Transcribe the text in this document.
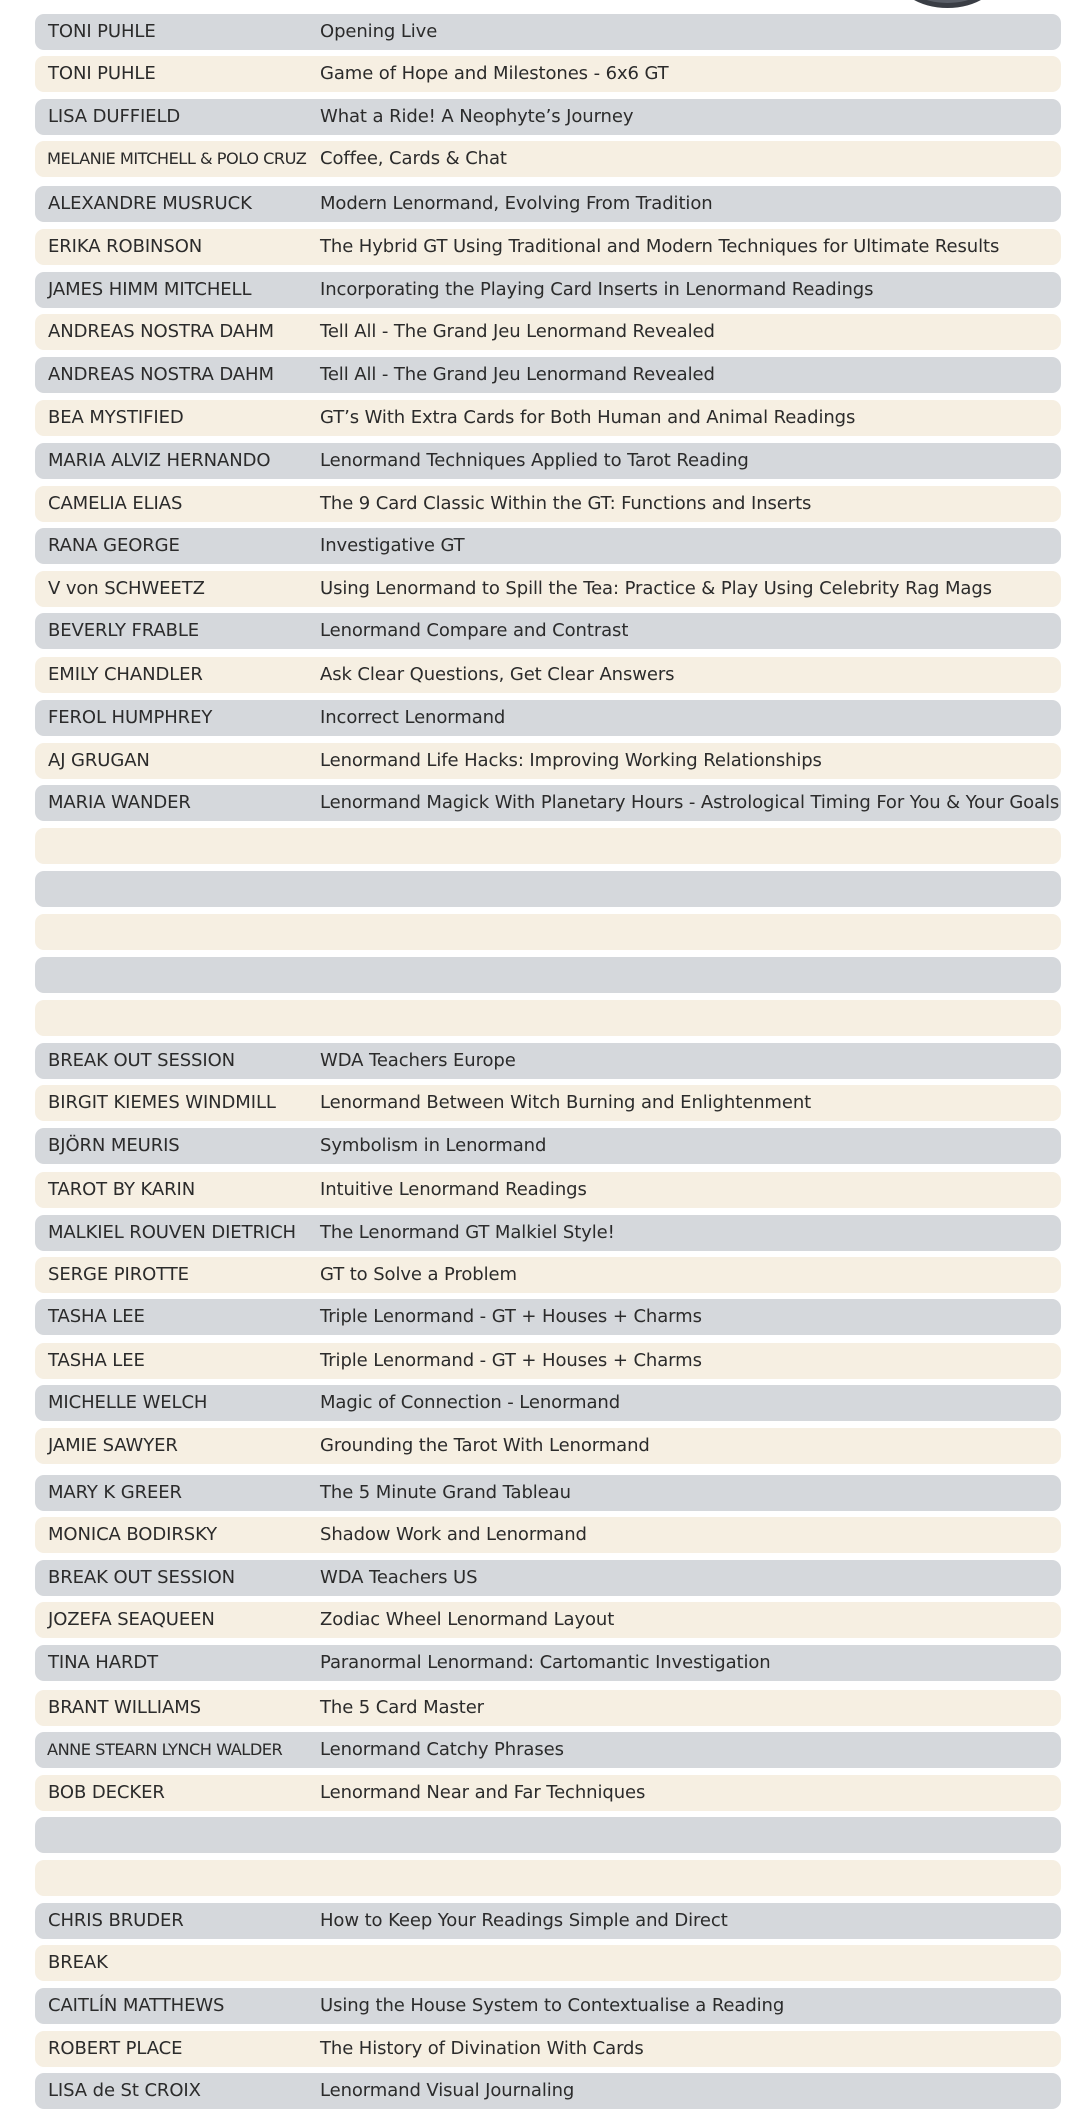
TONI PUHLE	Opening Live
TONI PUHLE	Game of Hope and Milestones - 6x6 GT
LISA DUFFIELD	What a Ride! A Neophyte’s Journey
MELANIE MITCHELL & POLO CRUZ Coffee, Cards & Chat
ALEXANDRE MUSRUCK	Modern Lenormand, Evolving From Tradition
ERIKA ROBINSON	The Hybrid GT Using Traditional and Modern Techniques for Ultimate Results
JAMES HIMM MITCHELL	Incorporating the Playing Card Inserts in Lenormand Readings
ANDREAS NOSTRA DAHM	Tell All - The Grand Jeu Lenormand Revealed
ANDREAS NOSTRA DAHM	Tell All - The Grand Jeu Lenormand Revealed
BEA MYSTIFIED	GT’s With Extra Cards for Both Human and Animal Readings
MARIA ALVIZ HERNANDO	Lenormand Techniques Applied to Tarot Reading
CAMELIA ELIAS	The 9 Card Classic Within the GT: Functions and Inserts
RANA GEORGE	Investigative GT
V von SCHWEETZ	Using Lenormand to Spill the Tea: Practice & Play Using Celebrity Rag Mags
BEVERLY FRABLE	Lenormand Compare and Contrast
EMILY CHANDLER	Ask Clear Questions, Get Clear Answers
FEROL HUMPHREY	Incorrect Lenormand
AJ GRUGAN	Lenormand Life Hacks: Improving Working Relationships
MARIA WANDER	Lenormand Magick With Planetary Hours - Astrological Timing For You & Your Goals
BREAK OUT SESSION	WDA Teachers Europe
BIRGIT KIEMES WINDMILL	Lenormand Between Witch Burning and Enlightenment
BJÖRN MEURIS	Symbolism in Lenormand
TAROT BY KARIN	Intuitive Lenormand Readings
MALKIEL ROUVEN DIETRICH	The Lenormand GT Malkiel Style!
SERGE PIROTTE	GT to Solve a Problem
TASHA LEE	Triple Lenormand - GT + Houses + Charms
TASHA LEE	Triple Lenormand - GT + Houses + Charms
MICHELLE WELCH	Magic of Connection - Lenormand
JAMIE SAWYER	Grounding the Tarot With Lenormand
MARY K GREER	The 5 Minute Grand Tableau
MONICA BODIRSKY	Shadow Work and Lenormand
BREAK OUT SESSION	WDA Teachers US
JOZEFA SEAQUEEN	Zodiac Wheel Lenormand Layout
TINA HARDT	Paranormal Lenormand: Cartomantic Investigation
BRANT WILLIAMS	The 5 Card Master
ANNE STEARN LYNCH WALDER	Lenormand Catchy Phrases
BOB DECKER	Lenormand Near and Far Techniques
CHRIS BRUDER	How to Keep Your Readings Simple and Direct
BREAK
CAITLÍN MATTHEWS	Using the House System to Contextualise a Reading
ROBERT PLACE	The History of Divination With Cards
LISA de St CROIX	Lenormand Visual Journaling
